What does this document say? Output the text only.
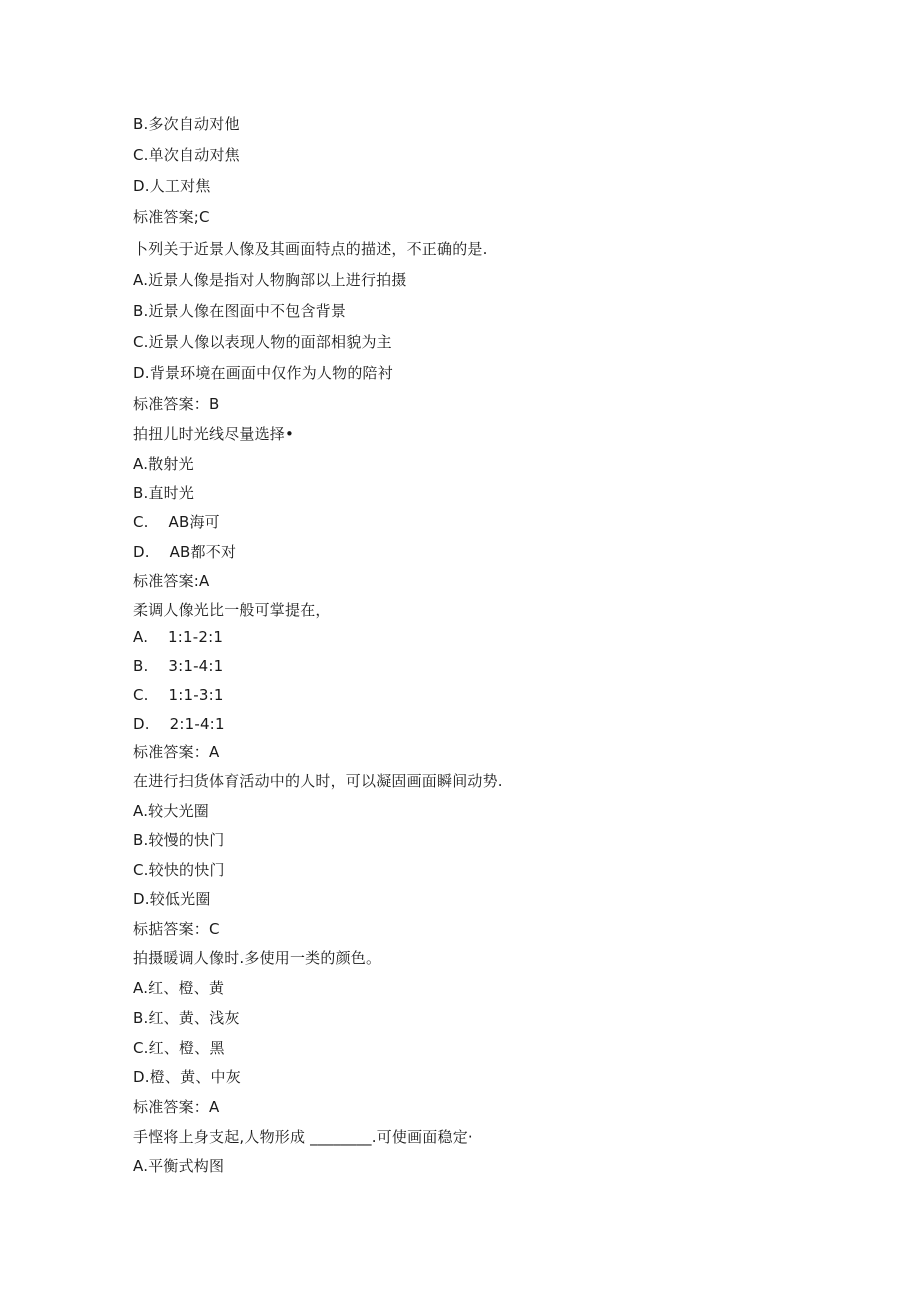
B.多次自动对他
C.单次自动对焦
D.人工对焦
标准答案;C
卜列关于近景人像及其画面特点的描述，不正确的是.
A.近景人像是指对人物胸部以上进行拍摄
B.近景人像在图面中不包含背景
C.近景人像以表现人物的面部相貌为主
D.背景环境在画面中仅作为人物的陪衬
标准答案：B
拍扭儿时光线尽量选择•
A.散射光
B.直时光
C.    AB海可
D.    AB都不对
标准答案:A
柔调人像光比一般可掌提在，
A.    1:1-2:1
B.    3:1-4:1
C.    1:1-3:1
D.    2:1-4:1
标准答案：A
在进行扫货体育活动中的人时，可以凝固画面瞬间动势.
A.较大光圈
B.较慢的快门
C.较快的快门
D.较低光圈
标掂答案：C
拍摄暖调人像时.多使用一类的颜色。
A.红、橙、黄
B.红、黄、浅灰
C.红、橙、黑
D.橙、黄、中灰
标准答案：A
手悭将上身支起,人物形成 ________.可使画面稳定·
A.平衡式构图
